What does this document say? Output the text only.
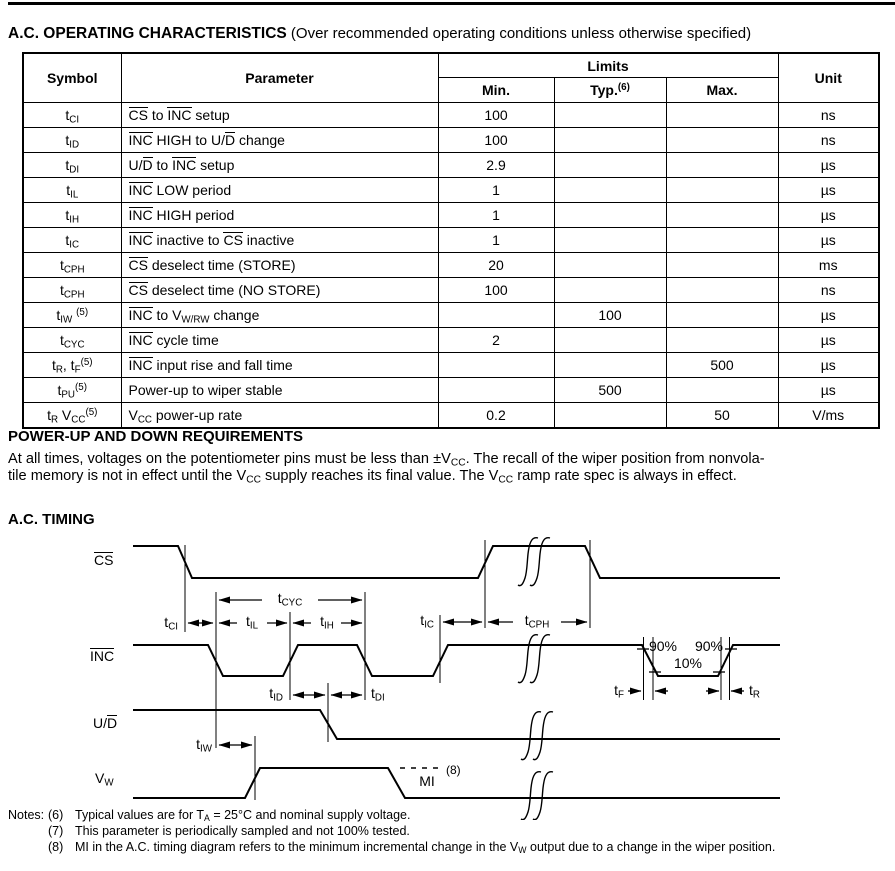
A.C. OPERATING CHARACTERISTICS (Over recommended operating conditions unless otherwise specified)
Symbol	Parameter	Limits			Unit
		Min.	Typ.$^{(6)}$	Max.	
$t_{CI}$	CS to INC setup	100			ns
$t_{ID}$	INC HIGH to U/D change	100			ns
$t_{DI}$	U/D to INC setup	2.9			µs
$t_{IL}$	INC LOW period	1			µs
$t_{IH}$	INC HIGH period	1			µs
$t_{IC}$	INC inactive to CS inactive	1			µs
$t_{CPH}$	CS deselect time (STORE)	20			ms
$t_{CPH}$	CS deselect time (NO STORE)	100			ns
$t_{IW}$ $^{(5)}$	INC to $V_{W/RW}$ change		100		µs
$t_{CYC}$	INC cycle time	2			µs
$t_R$, $t_F^{(5)}$	INC input rise and fall time			500	µs
$t_{PU}^{(5)}$	Power-up to wiper stable		500		µs
$t_R$ $V_{CC}^{(5)}$	$V_{CC}$ power-up rate	0.2		50	V/ms
POWER-UP AND DOWN REQUIREMENTS
At all times, voltages on the potentiometer pins must be less than $\pm V_{CC}$. The recall of the wiper position from nonvola-
tile memory is not in effect until the $V_{CC}$ supply reaches its final value. The $V_{CC}$ ramp rate spec is always in effect.
A.C. TIMING
CS
INC
U/D
$V_W$
$t_{CI}$
$t_{CYC}$
$t_{IL}$	$t_{IH}$	$t_{IC}$	$t_{CPH}$
$t_{ID}$	$t_{DI}$
$t_{IW}$
$t_F$	$t_R$
90% 90%
10%
MI
(8)
Notes: (6) Typical values are for $T_A = 25^\circ C$ and nominal supply voltage.
(7) This parameter is periodically sampled and not 100% tested.
(8) MI in the A.C. timing diagram refers to the minimum incremental change in the $V_W$ output due to a change in the wiper position.
